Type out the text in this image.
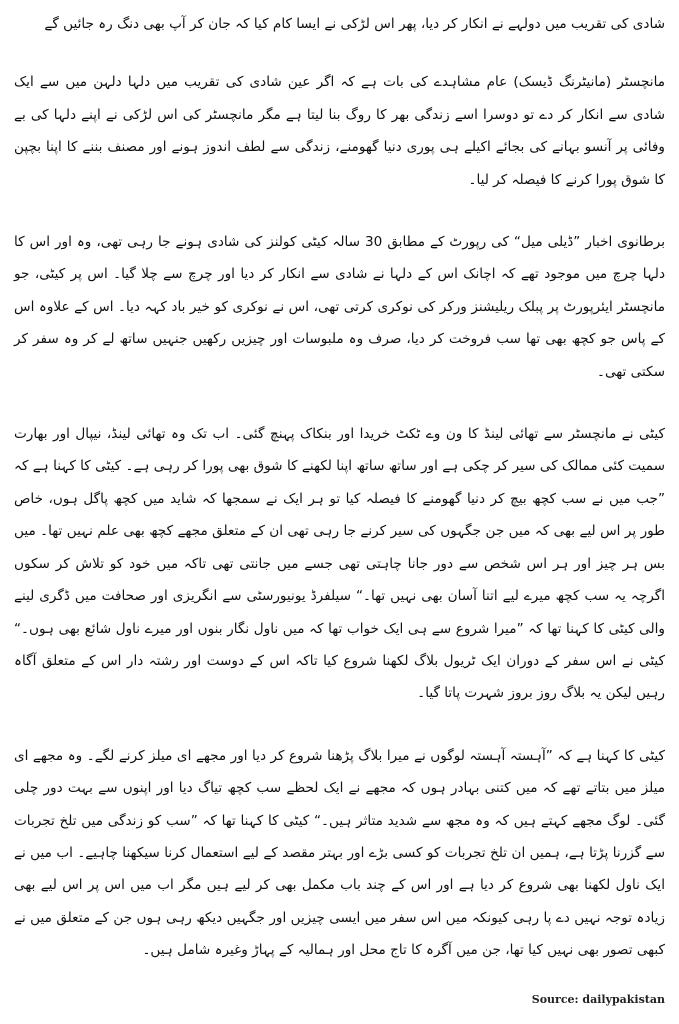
شادی کی تقریب میں دولہے نے انکار کر دیا، پھر اس لڑکی نے ایسا کام کیا کہ جان کر آپ بھی دنگ رہ جائیں گے

مانچسٹر (مانیٹرنگ ڈیسک) عام مشاہدے کی بات ہے کہ اگر عین شادی کی تقریب میں دلہا دلہن میں سے ایک شادی سے انکار کر دے تو دوسرا اسے زندگی بھر کا روگ بنا لیتا ہے مگر مانچسٹر کی اس لڑکی نے اپنے دلہا کی بے وفائی پر آنسو بہانے کی بجائے اکیلے ہی پوری دنیا گھومنے، زندگی سے لطف اندوز ہونے اور مصنف بننے کا اپنا بچپن کا شوق پورا کرنے کا فیصلہ کر لیا۔

برطانوی اخبار ”ڈیلی میل“ کی رپورٹ کے مطابق 30 سالہ کیٹی کولنز کی شادی ہونے جا رہی تھی، وہ اور اس کا دلہا چرچ میں موجود تھے کہ اچانک اس کے دلہا نے شادی سے انکار کر دیا اور چرچ سے چلا گیا۔ اس پر کیٹی، جو مانچسٹر ایئرپورٹ پر پبلک ریلیشنز ورکر کی نوکری کرتی تھی، اس نے نوکری کو خیر باد کہہ دیا۔ اس کے علاوہ اس کے پاس جو کچھ بھی تھا سب فروخت کر دیا، صرف وہ ملبوسات اور چیزیں رکھیں جنہیں ساتھ لے کر وہ سفر کر سکتی تھی۔

کیٹی نے مانچسٹر سے تھائی لینڈ کا ون وے ٹکٹ خریدا اور بنکاک پہنچ گئی۔ اب تک وہ تھائی لینڈ، نیپال اور بھارت سمیت کئی ممالک کی سیر کر چکی ہے اور ساتھ ساتھ اپنا لکھنے کا شوق بھی پورا کر رہی ہے۔ کیٹی کا کہنا ہے کہ ”جب میں نے سب کچھ بیچ کر دنیا گھومنے کا فیصلہ کیا تو ہر ایک نے سمجھا کہ شاید میں کچھ پاگل ہوں، خاص طور پر اس لیے بھی کہ میں جن جگہوں کی سیر کرنے جا رہی تھی ان کے متعلق مجھے کچھ بھی علم نہیں تھا۔ میں بس ہر چیز اور ہر اس شخص سے دور جانا چاہتی تھی جسے میں جانتی تھی تاکہ میں خود کو تلاش کر سکوں اگرچہ یہ سب کچھ میرے لیے اتنا آسان بھی نہیں تھا۔“ سیلفرڈ یونیورسٹی سے انگریزی اور صحافت میں ڈگری لینے والی کیٹی کا کہنا تھا کہ ”میرا شروع سے ہی ایک خواب تھا کہ میں ناول نگار بنوں اور میرے ناول شائع بھی ہوں۔“ کیٹی نے اس سفر کے دوران ایک ٹریول بلاگ لکھنا شروع کیا تاکہ اس کے دوست اور رشتہ دار اس کے متعلق آگاہ رہیں لیکن یہ بلاگ روز بروز شہرت پاتا گیا۔

کیٹی کا کہنا ہے کہ ”آہستہ آہستہ لوگوں نے میرا بلاگ پڑھنا شروع کر دیا اور مجھے ای میلز کرنے لگے۔ وہ مجھے ای میلز میں بتاتے تھے کہ میں کتنی بہادر ہوں کہ مجھے نے ایک لحظے سب کچھ تیاگ دیا اور اپنوں سے بہت دور چلی گئی۔ لوگ مجھے کہتے ہیں کہ وہ مجھ سے شدید متاثر ہیں۔“ کیٹی کا کہنا تھا کہ ”سب کو زندگی میں تلخ تجربات سے گزرنا پڑتا ہے، ہمیں ان تلخ تجربات کو کسی بڑے اور بہتر مقصد کے لیے استعمال کرنا سیکھنا چاہیے۔ اب میں نے ایک ناول لکھنا بھی شروع کر دیا ہے اور اس کے چند باب مکمل بھی کر لیے ہیں مگر اب میں اس پر اس لیے بھی زیادہ توجہ نہیں دے پا رہی کیونکہ میں اس سفر میں ایسی چیزیں اور جگہیں دیکھ رہی ہوں جن کے متعلق میں نے کبھی تصور بھی نہیں کیا تھا، جن میں آگرہ کا تاج محل اور ہمالیہ کے پہاڑ وغیرہ شامل ہیں۔

Source: dailypakistan
